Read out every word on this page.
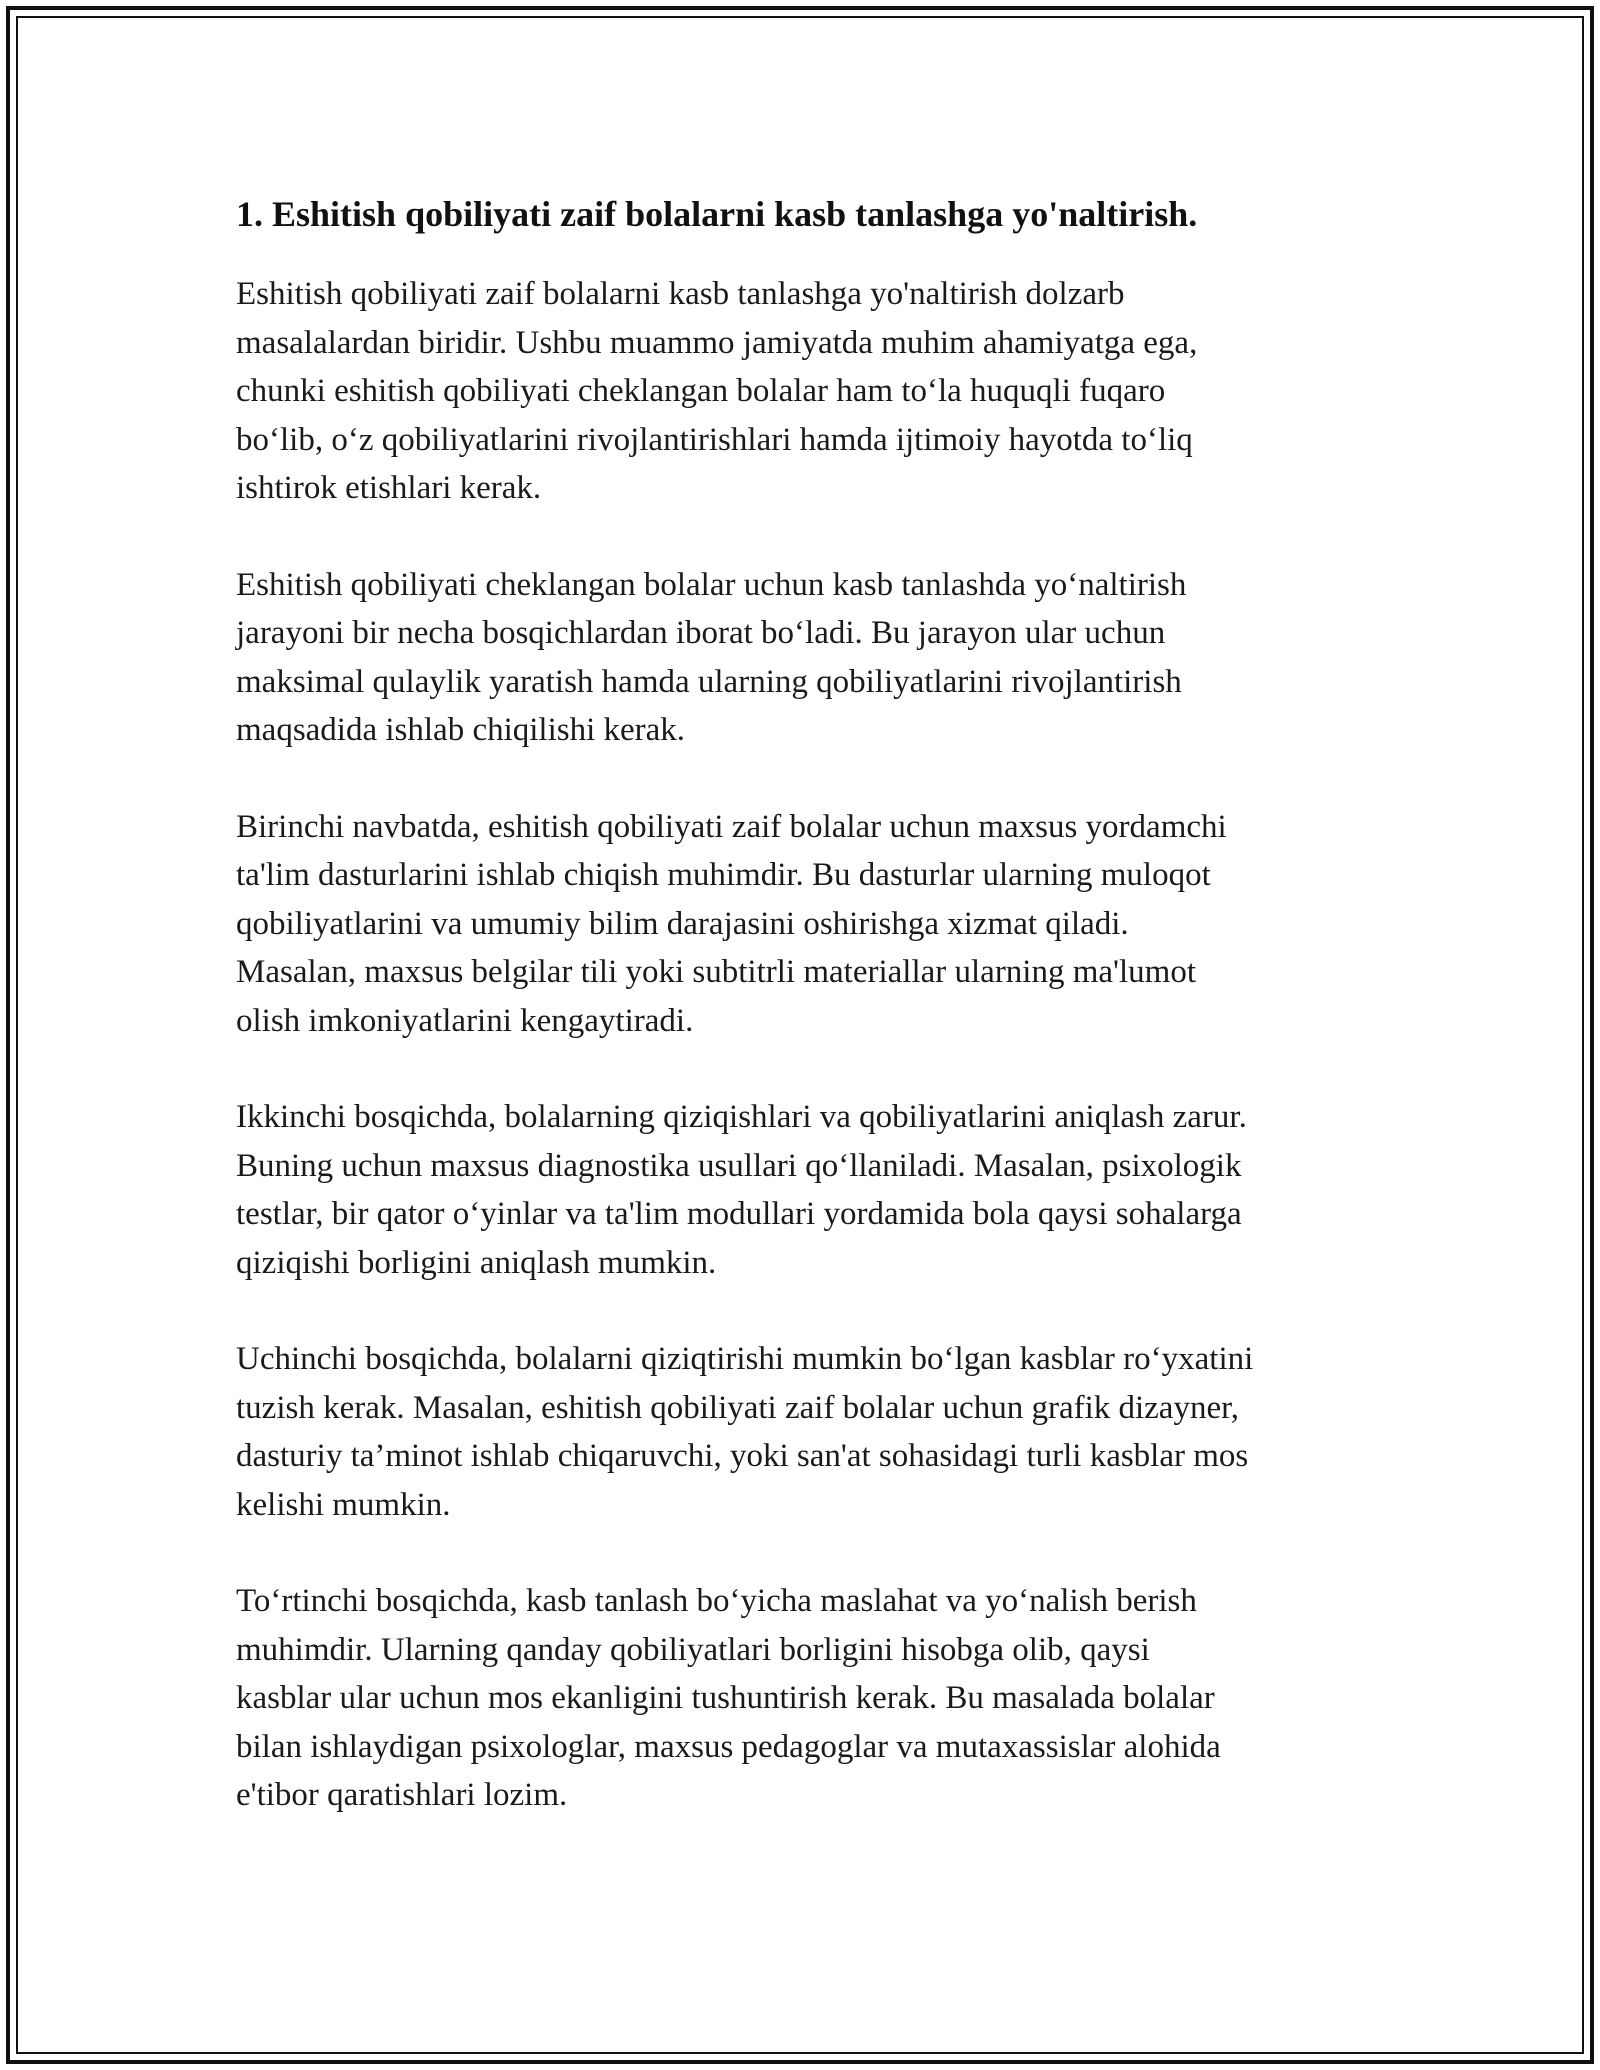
1. Eshitish qobiliyati zaif bolalarni kasb tanlashga yo'naltirish.

Eshitish qobiliyati zaif bolalarni kasb tanlashga yo'naltirish dolzarb
masalalardan biridir. Ushbu muammo jamiyatda muhim ahamiyatga ega,
chunki eshitish qobiliyati cheklangan bolalar ham to‘la huquqli fuqaro
bo‘lib, o‘z qobiliyatlarini rivojlantirishlari hamda ijtimoiy hayotda to‘liq
ishtirok etishlari kerak.

Eshitish qobiliyati cheklangan bolalar uchun kasb tanlashda yo‘naltirish
jarayoni bir necha bosqichlardan iborat bo‘ladi. Bu jarayon ular uchun
maksimal qulaylik yaratish hamda ularning qobiliyatlarini rivojlantirish
maqsadida ishlab chiqilishi kerak.

Birinchi navbatda, eshitish qobiliyati zaif bolalar uchun maxsus yordamchi
ta'lim dasturlarini ishlab chiqish muhimdir. Bu dasturlar ularning muloqot
qobiliyatlarini va umumiy bilim darajasini oshirishga xizmat qiladi.
Masalan, maxsus belgilar tili yoki subtitrli materiallar ularning ma'lumot
olish imkoniyatlarini kengaytiradi.

Ikkinchi bosqichda, bolalarning qiziqishlari va qobiliyatlarini aniqlash zarur.
Buning uchun maxsus diagnostika usullari qo‘llaniladi. Masalan, psixologik
testlar, bir qator o‘yinlar va ta'lim modullari yordamida bola qaysi sohalarga
qiziqishi borligini aniqlash mumkin.

Uchinchi bosqichda, bolalarni qiziqtirishi mumkin bo‘lgan kasblar ro‘yxatini
tuzish kerak. Masalan, eshitish qobiliyati zaif bolalar uchun grafik dizayner,
dasturiy ta’minot ishlab chiqaruvchi, yoki san'at sohasidagi turli kasblar mos
kelishi mumkin.

To‘rtinchi bosqichda, kasb tanlash bo‘yicha maslahat va yo‘nalish berish
muhimdir. Ularning qanday qobiliyatlari borligini hisobga olib, qaysi
kasblar ular uchun mos ekanligini tushuntirish kerak. Bu masalada bolalar
bilan ishlaydigan psixologlar, maxsus pedagoglar va mutaxassislar alohida
e'tibor qaratishlari lozim.
